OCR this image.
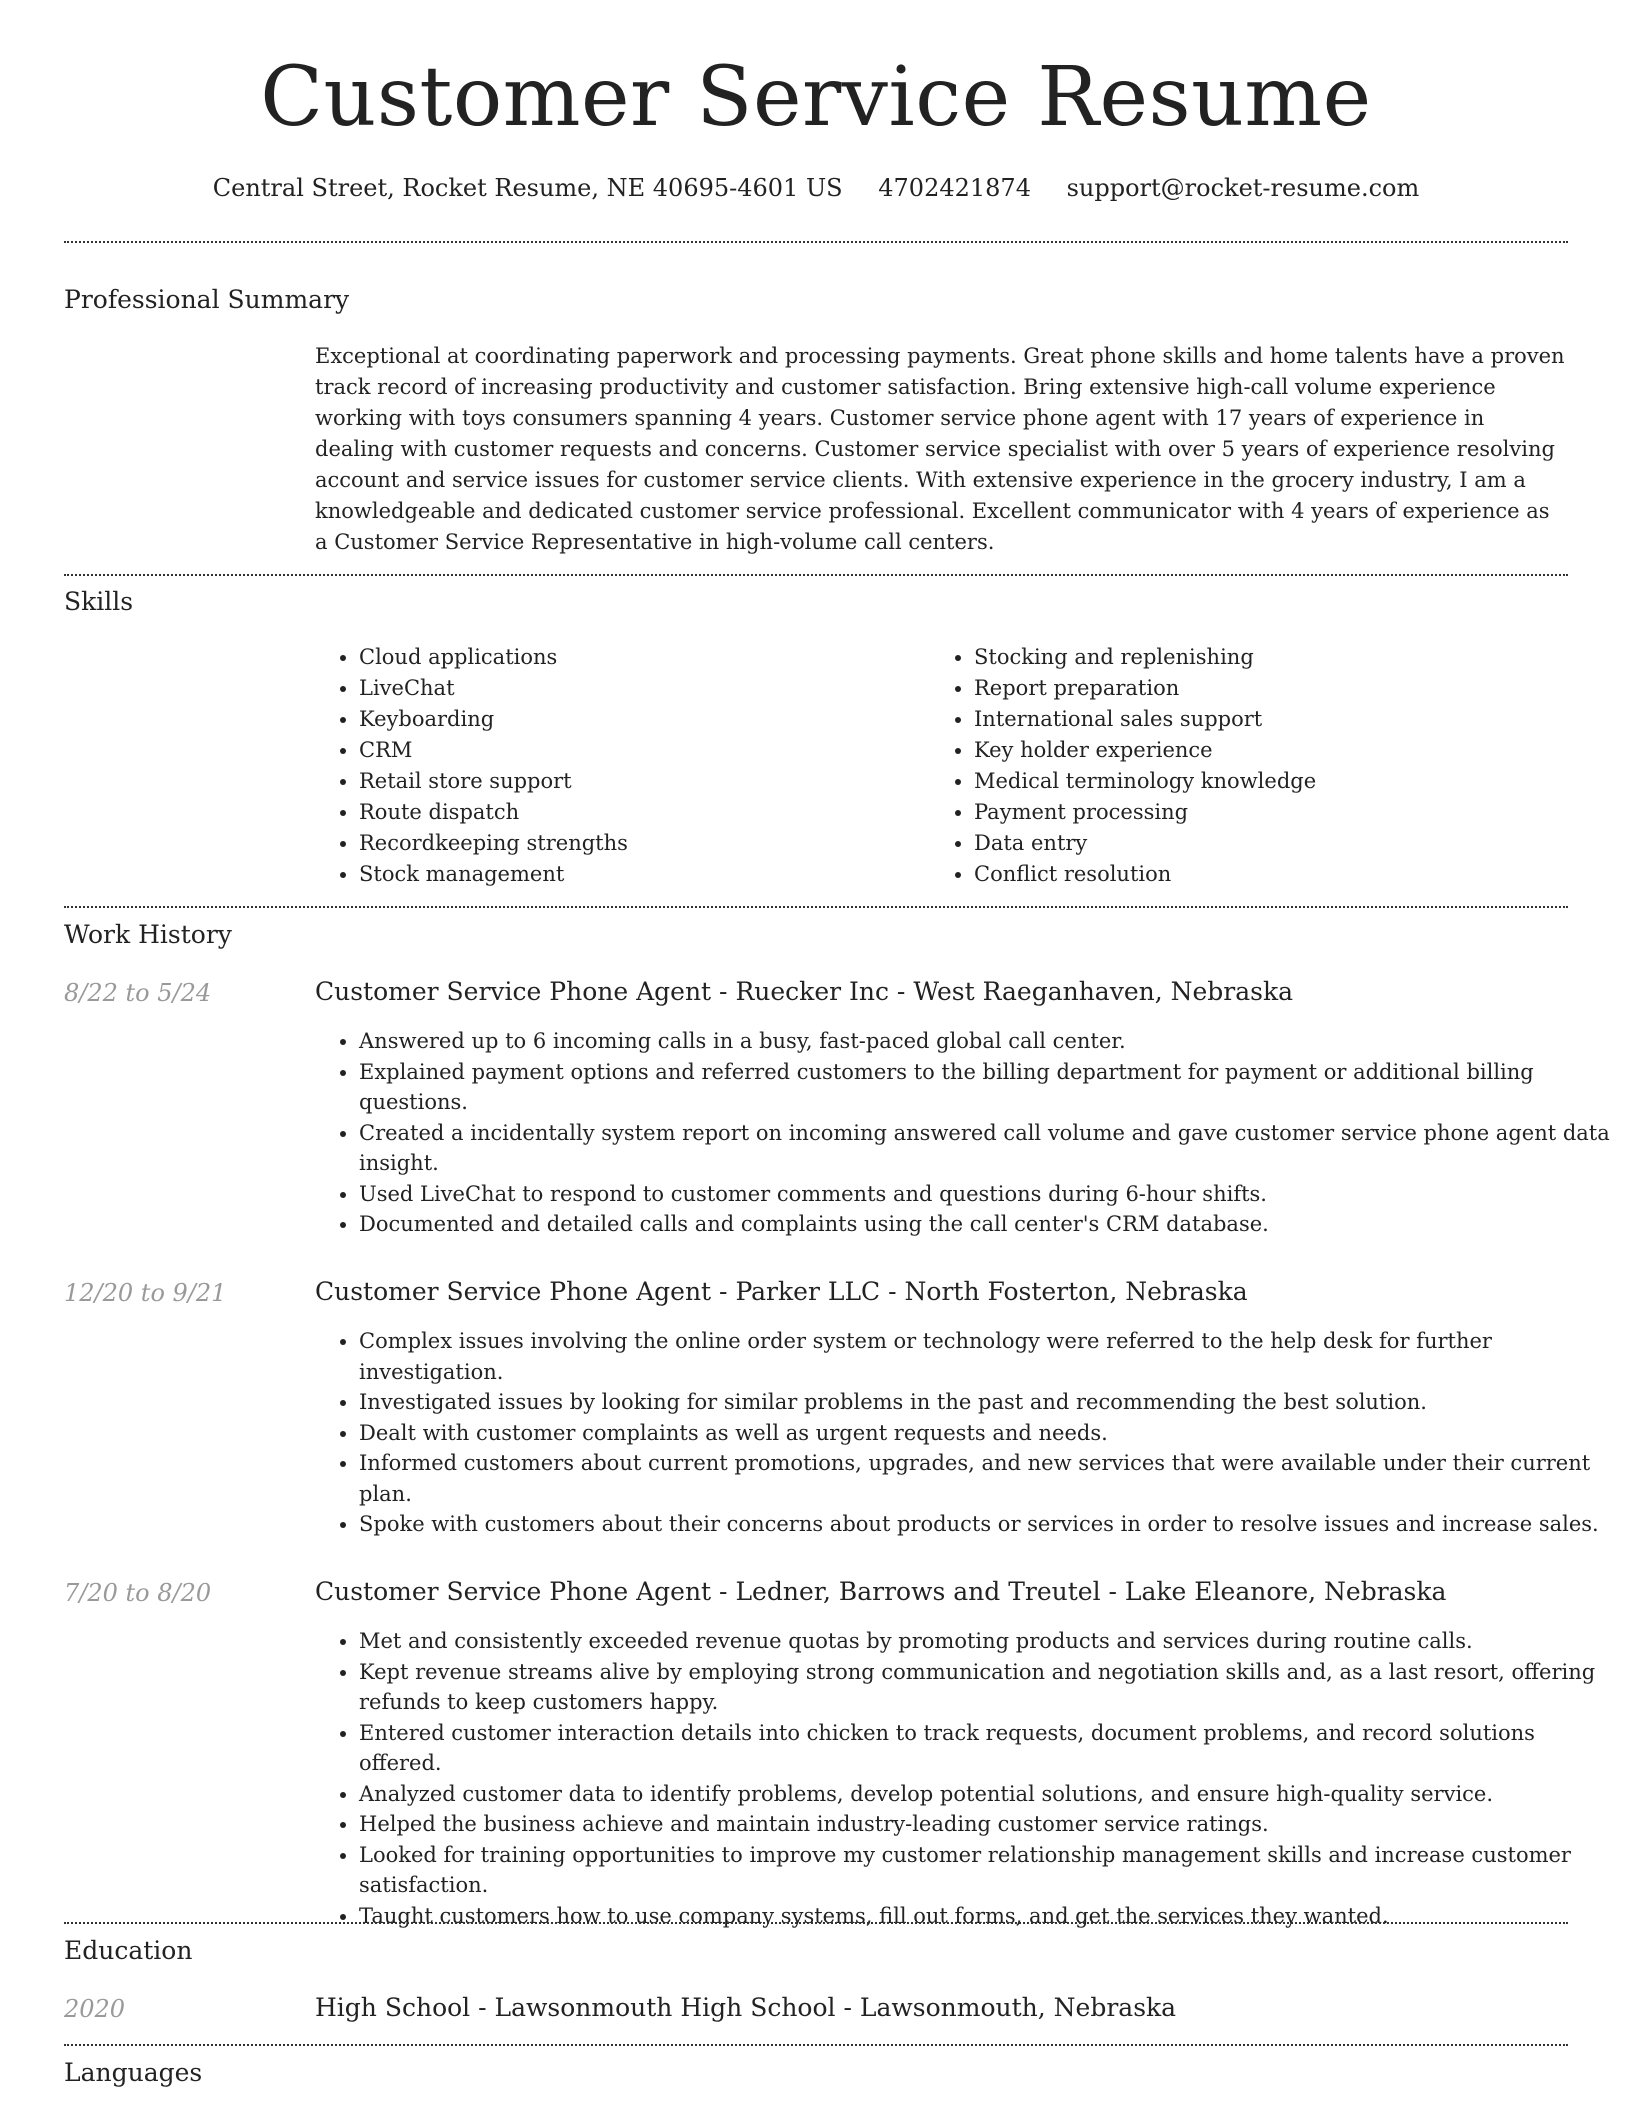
Customer Service Resume
Central Street, Rocket Resume, NE 40695-4601 US 4702421874 support@rocket-resume.com
Professional Summary

Exceptional at coordinating paperwork and processing payments. Great phone skills and home talents have a proven track record of increasing productivity and customer satisfaction. Bring extensive high-call volume experience working with toys consumers spanning 4 years. Customer service phone agent with 17 years of experience in dealing with customer requests and concerns. Customer service specialist with over 5 years of experience resolving account and service issues for customer service clients. With extensive experience in the grocery industry, I am a knowledgeable and dedicated customer service professional. Excellent communicator with 4 years of experience as a Customer Service Representative in high-volume call centers.

Skills
• Cloud applications
• LiveChat
• Keyboarding
• CRM
• Retail store support
• Route dispatch
• Recordkeeping strengths
• Stock management
• Stocking and replenishing
• Report preparation
• International sales support
• Key holder experience
• Medical terminology knowledge
• Payment processing
• Data entry
• Conflict resolution
Work History
8/22 to 5/24	Customer Service Phone Agent - Ruecker Inc - West Raeganhaven, Nebraska
• Answered up to 6 incoming calls in a busy, fast-paced global call center.
• Explained payment options and referred customers to the billing department for payment or additional billing questions.
• Created a incidentally system report on incoming answered call volume and gave customer service phone agent data insight.
• Used LiveChat to respond to customer comments and questions during 6-hour shifts.
• Documented and detailed calls and complaints using the call center's CRM database.
12/20 to 9/21	Customer Service Phone Agent - Parker LLC - North Fosterton, Nebraska
• Complex issues involving the online order system or technology were referred to the help desk for further investigation.
• Investigated issues by looking for similar problems in the past and recommending the best solution.
• Dealt with customer complaints as well as urgent requests and needs.
• Informed customers about current promotions, upgrades, and new services that were available under their current plan.
• Spoke with customers about their concerns about products or services in order to resolve issues and increase sales.
7/20 to 8/20	Customer Service Phone Agent - Ledner, Barrows and Treutel - Lake Eleanore, Nebraska
• Met and consistently exceeded revenue quotas by promoting products and services during routine calls.
• Kept revenue streams alive by employing strong communication and negotiation skills and, as a last resort, offering refunds to keep customers happy.
• Entered customer interaction details into chicken to track requests, document problems, and record solutions offered.
• Analyzed customer data to identify problems, develop potential solutions, and ensure high-quality service.
• Helped the business achieve and maintain industry-leading customer service ratings.
• Looked for training opportunities to improve my customer relationship management skills and increase customer satisfaction.
• Taught customers how to use company systems, fill out forms, and get the services they wanted.
Education
2020	High School - Lawsonmouth High School - Lawsonmouth, Nebraska
Languages
